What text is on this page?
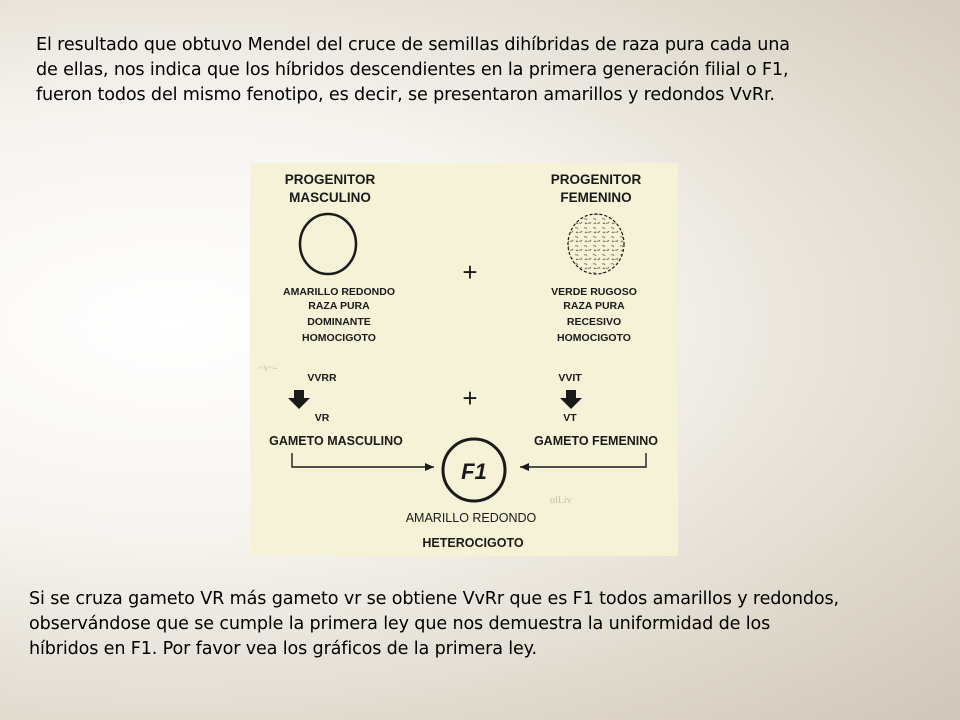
El resultado que obtuvo Mendel del cruce de semillas dihíbridas de raza pura cada una
de ellas, nos indica que los híbridos descendientes en la primera generación filial o F1,
fueron todos del mismo fenotipo, es decir, se presentaron amarillos y redondos VvRr.

PROGENITOR
MASCULINO
AMARILLO REDONDO
RAZA PURA
DOMINANTE
HOMOCIGOTO
+
PROGENITOR
FEMENINO
VERDE RUGOSO
RAZA PURA
RECESIVO
HOMOCIGOTO
~v~-
ulLiv
VVRR
VR
GAMETO MASCULINO
+
VVIT
VT
GAMETO FEMENINO
F1
AMARILLO REDONDO
HETEROCIGOTO

Si se cruza gameto VR más gameto vr se obtiene VvRr que es F1 todos amarillos y redondos,
observándose que se cumple la primera ley que nos demuestra la uniformidad de los
híbridos en F1. Por favor vea los gráficos de la primera ley.
